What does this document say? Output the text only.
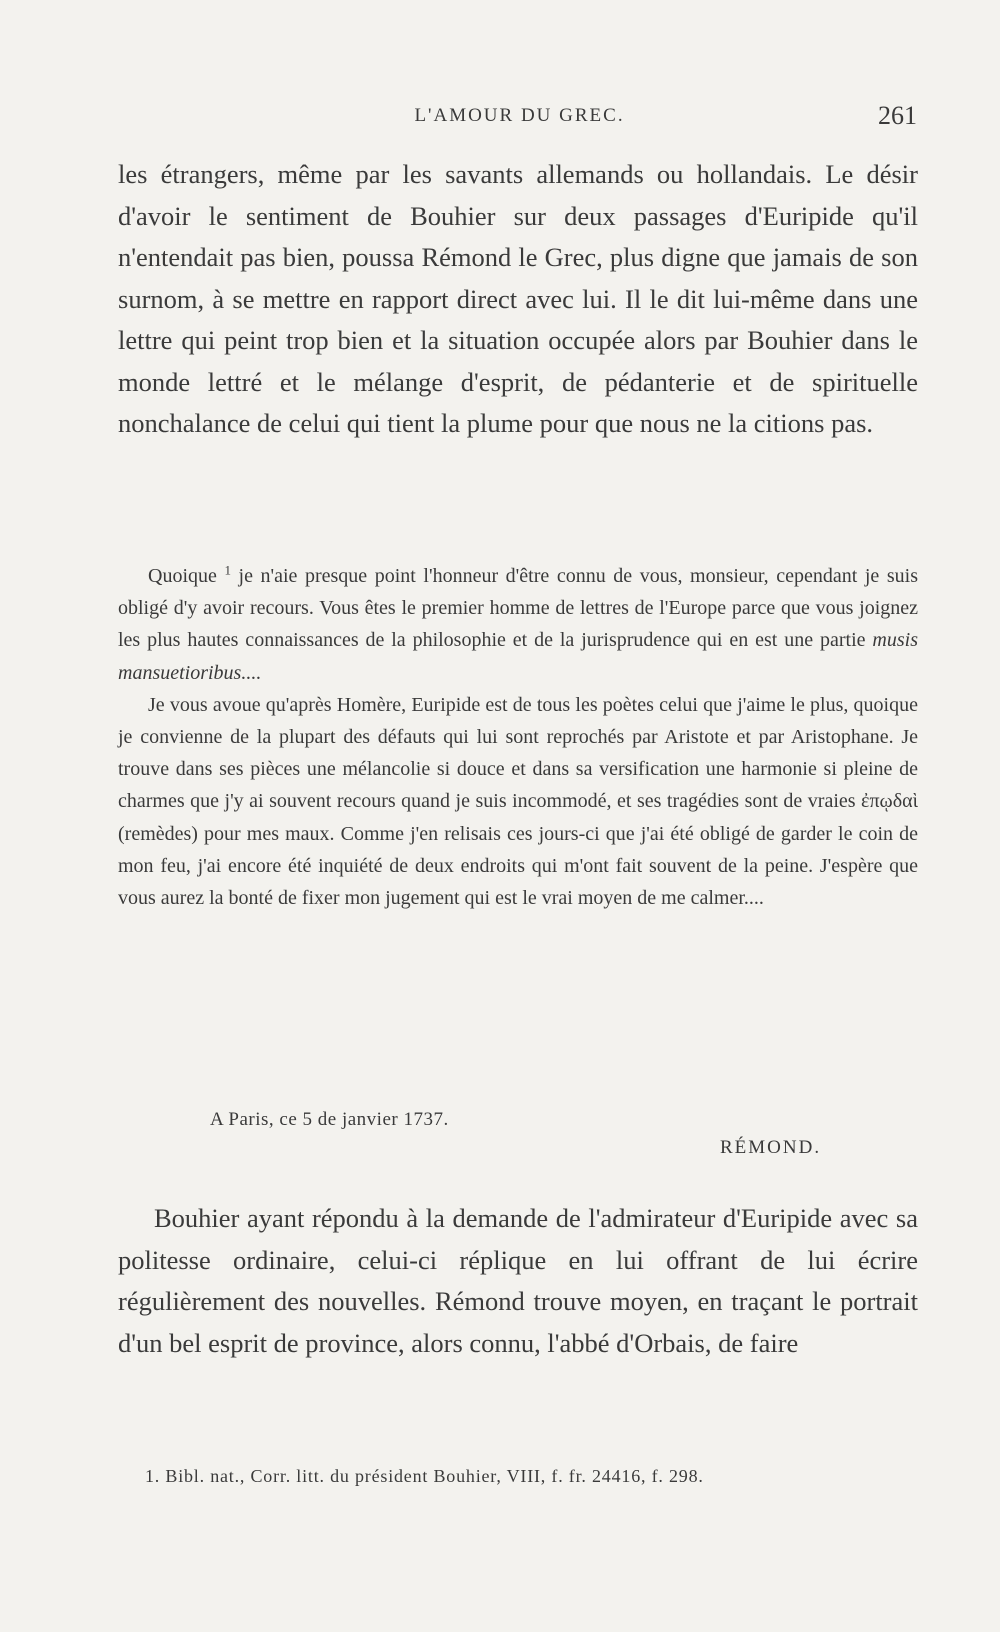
L'AMOUR DU GREC.	261

les étrangers, même par les savants allemands ou hollandais. Le désir d'avoir le sentiment de Bouhier sur deux passages d'Euripide qu'il n'entendait pas bien, poussa Rémond le Grec, plus digne que jamais de son surnom, à se mettre en rapport direct avec lui. Il le dit lui-même dans une lettre qui peint trop bien et la situation occupée alors par Bouhier dans le monde lettré et le mélange d'esprit, de pédanterie et de spirituelle nonchalance de celui qui tient la plume pour que nous ne la citions pas.

Quoique $^1$ je n'aie presque point l'honneur d'être connu de vous, monsieur, cependant je suis obligé d'y avoir recours. Vous êtes le premier homme de lettres de l'Europe parce que vous joignez les plus hautes connaissances de la philosophie et de la jurisprudence qui en est une partie musis mansuetioribus....

Je vous avoue qu'après Homère, Euripide est de tous les poètes celui que j'aime le plus, quoique je convienne de la plupart des défauts qui lui sont reprochés par Aristote et par Aristophane. Je trouve dans ses pièces une mélancolie si douce et dans sa versification une harmonie si pleine de charmes que j'y ai souvent recours quand je suis incommodé, et ses tragédies sont de vraies ἐπῳδαὶ (remèdes) pour mes maux. Comme j'en relisais ces jours-ci que j'ai été obligé de garder le coin de mon feu, j'ai encore été inquiété de deux endroits qui m'ont fait souvent de la peine. J'espère que vous aurez la bonté de fixer mon jugement qui est le vrai moyen de me calmer....

A Paris, ce 5 de janvier 1737.
RÉMOND.

Bouhier ayant répondu à la demande de l'admirateur d'Euripide avec sa politesse ordinaire, celui-ci réplique en lui offrant de lui écrire régulièrement des nouvelles. Rémond trouve moyen, en traçant le portrait d'un bel esprit de province, alors connu, l'abbé d'Orbais, de faire

1. Bibl. nat., Corr. litt. du président Bouhier, VIII, f. fr. 24416, f. 298.
